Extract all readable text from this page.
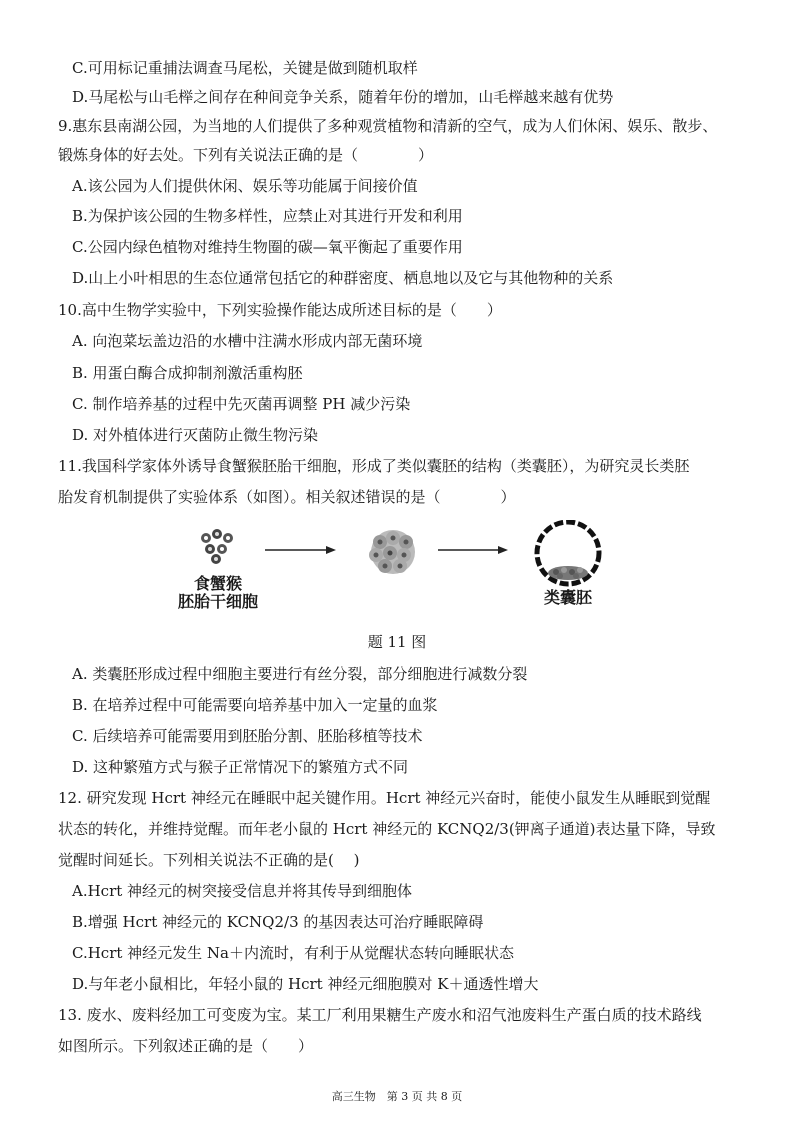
C.可用标记重捕法调查马尾松，关键是做到随机取样
D.马尾松与山毛榉之间存在种间竞争关系，随着年份的增加，山毛榉越来越有优势
9.惠东县南湖公园，为当地的人们提供了多种观赏植物和清新的空气，成为人们休闲、娱乐、散步、
锻炼身体的好去处。下列有关说法正确的是（　　　　）
A.该公园为人们提供休闲、娱乐等功能属于间接价值
B.为保护该公园的生物多样性，应禁止对其进行开发和利用
C.公园内绿色植物对维持生物圈的碳—氧平衡起了重要作用
D.山上小叶相思的生态位通常包括它的种群密度、栖息地以及它与其他物种的关系
10.高中生物学实验中，下列实验操作能达成所述目标的是（　　）
A. 向泡菜坛盖边沿的水槽中注满水形成内部无菌环境
B. 用蛋白酶合成抑制剂激活重构胚
C. 制作培养基的过程中先灭菌再调整 PH 减少污染
D. 对外植体进行灭菌防止微生物污染
11.我国科学家体外诱导食蟹猴胚胎干细胞，形成了类似囊胚的结构（类囊胚），为研究灵长类胚
胎发育机制提供了实验体系（如图）。相关叙述错误的是（　　　　）
食蟹猴
胚胎干细胞	类囊胚
题 11 图
A. 类囊胚形成过程中细胞主要进行有丝分裂，部分细胞进行减数分裂
B. 在培养过程中可能需要向培养基中加入一定量的血浆
C. 后续培养可能需要用到胚胎分割、胚胎移植等技术
D. 这种繁殖方式与猴子正常情况下的繁殖方式不同
12. 研究发现 Hcrt 神经元在睡眠中起关键作用。Hcrt 神经元兴奋时，能使小鼠发生从睡眠到觉醒
状态的转化，并维持觉醒。而年老小鼠的 Hcrt 神经元的 KCNQ2/3(钾离子通道)表达量下降，导致
觉醒时间延长。下列相关说法不正确的是(　 )
A.Hcrt 神经元的树突接受信息并将其传导到细胞体
B.增强 Hcrt 神经元的 KCNQ2/3 的基因表达可治疗睡眠障碍
C.Hcrt 神经元发生 Na＋内流时，有利于从觉醒状态转向睡眠状态
D.与年老小鼠相比，年轻小鼠的 Hcrt 神经元细胞膜对 K＋通透性增大
13. 废水、废料经加工可变废为宝。某工厂利用果糖生产废水和沼气池废料生产蛋白质的技术路线
如图所示。下列叙述正确的是（　　）
高三生物　第 3 页 共 8 页
